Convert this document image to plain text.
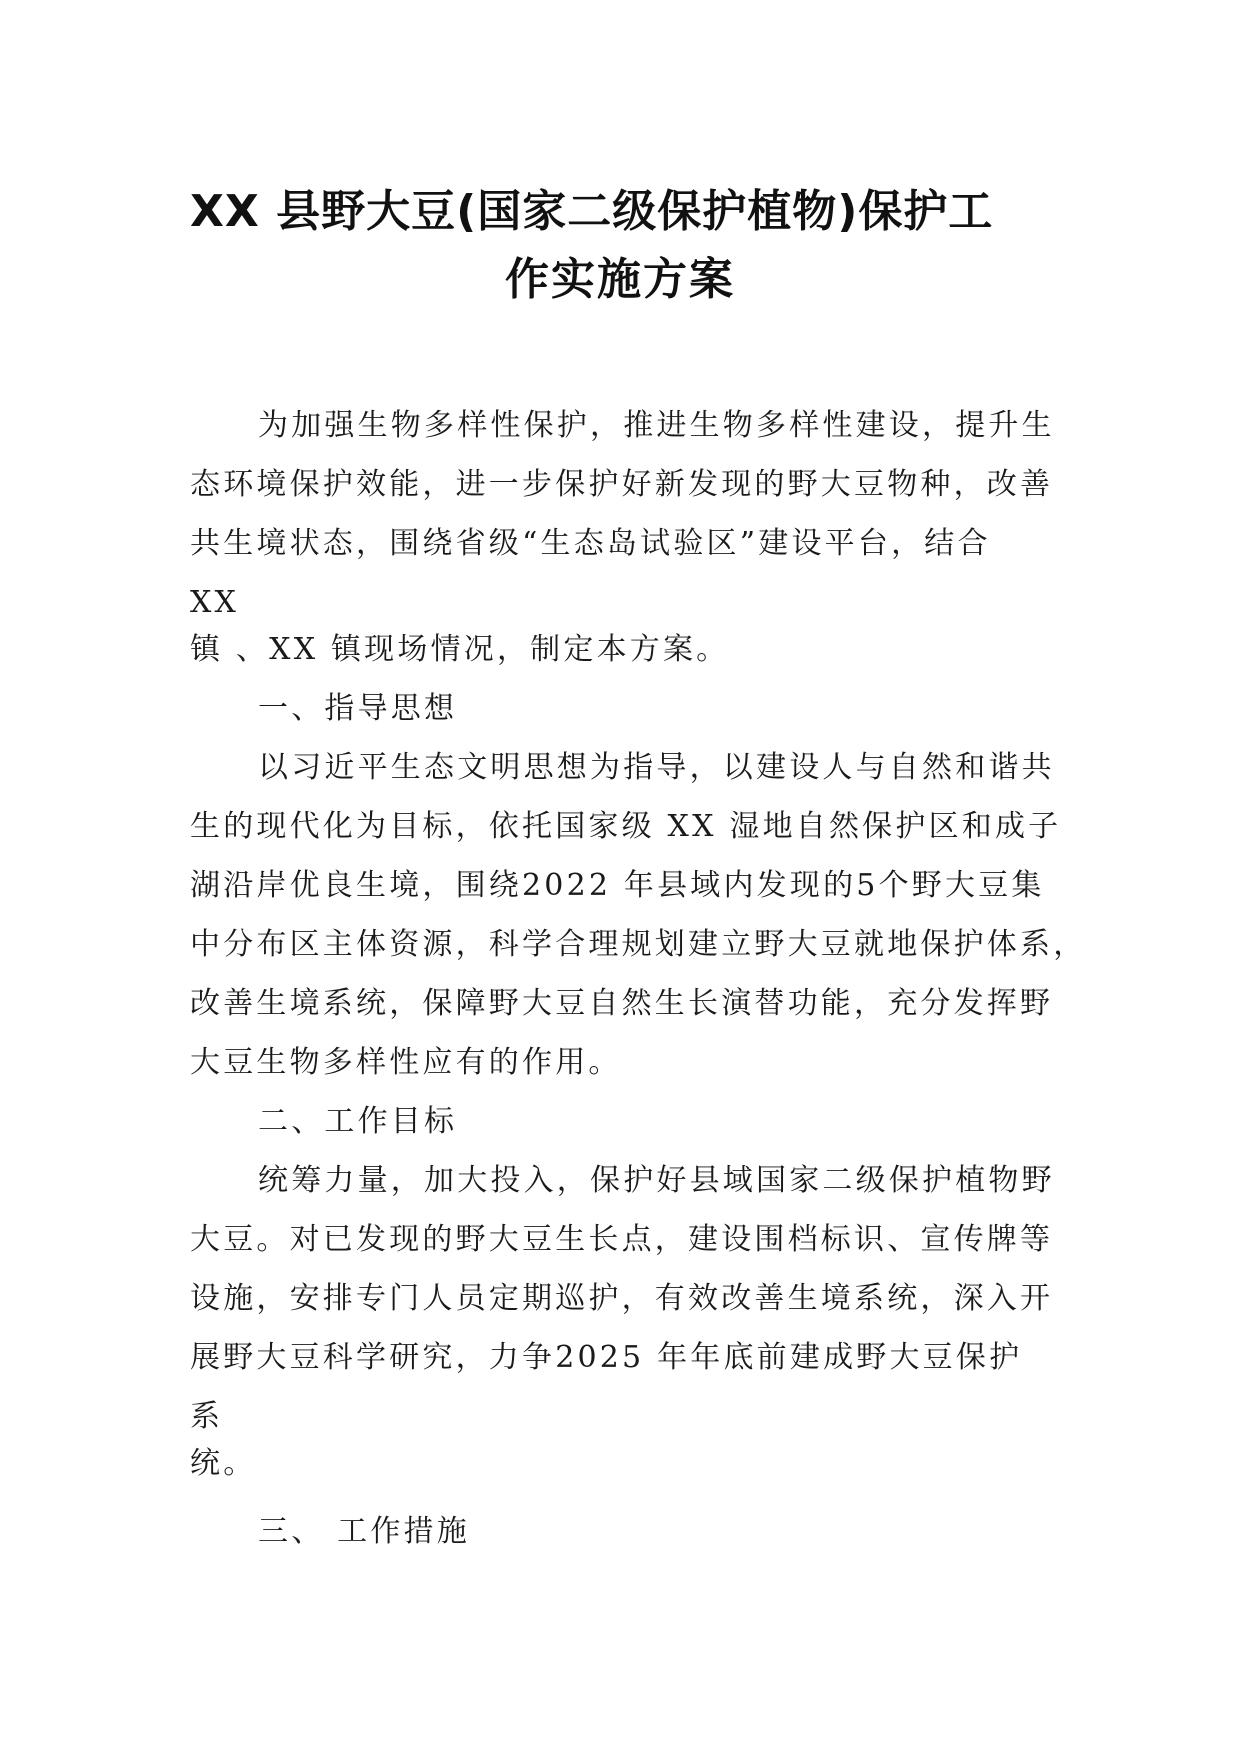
XX 县野大豆(国家二级保护植物)保护工
作实施方案

为加强生物多样性保护，推进生物多样性建设，提升生

态环境保护效能，进一步保护好新发现的野大豆物种，改善

共生境状态，围绕省级“生态岛试验区”建设平台，结合

XX

镇 、XX 镇现场情况，制定本方案。

一、指导思想

以习近平生态文明思想为指导，以建设人与自然和谐共

生的现代化为目标，依托国家级 XX 湿地自然保护区和成子

湖沿岸优良生境，围绕2022 年县域内发现的5个野大豆集

中分布区主体资源，科学合理规划建立野大豆就地保护体系，

改善生境系统，保障野大豆自然生长演替功能，充分发挥野

大豆生物多样性应有的作用。

二、工作目标

统筹力量，加大投入，保护好县域国家二级保护植物野

大豆。对已发现的野大豆生长点，建设围档标识、宣传牌等

设施，安排专门人员定期巡护，有效改善生境系统，深入开

展野大豆科学研究，力争2025 年年底前建成野大豆保护

系

统。

三、 工作措施
